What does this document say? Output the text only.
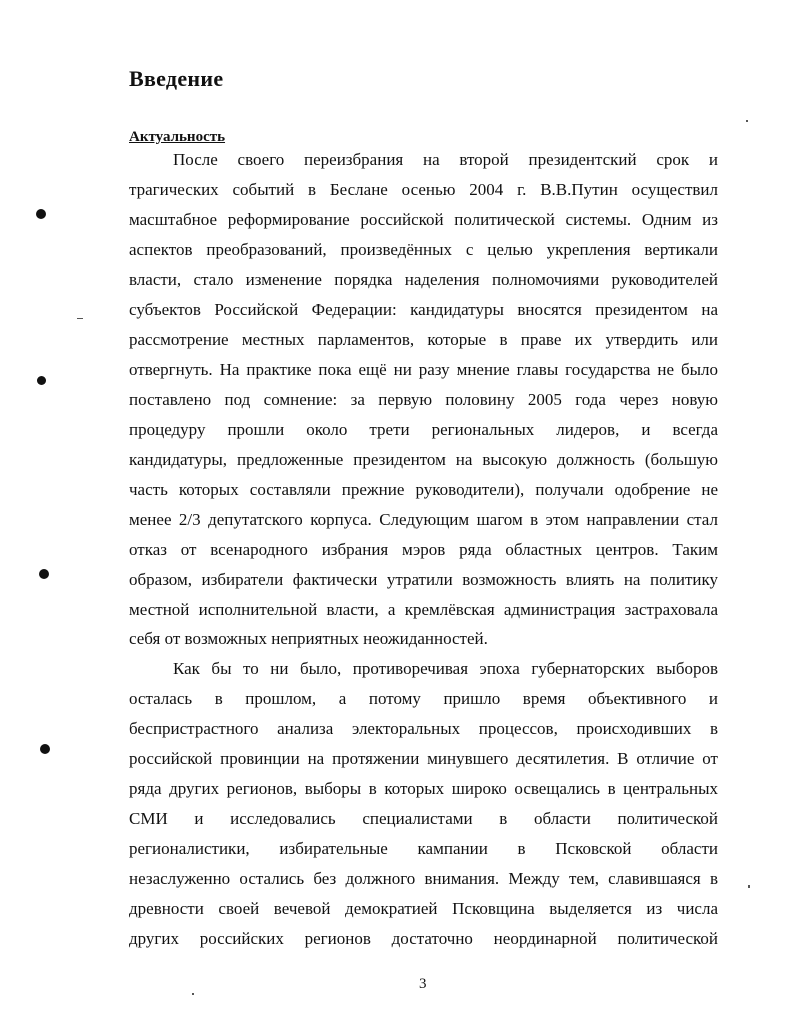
Введение
Актуальность
После своего переизбрания на второй президентский срок и
трагических событий в Беслане осенью 2004 г. В.В.Путин осуществил
масштабное реформирование российской политической системы. Одним из
аспектов преобразований, произведённых с целью укрепления вертикали
власти, стало изменение порядка наделения полномочиями руководителей
субъектов Российской Федерации: кандидатуры вносятся президентом на
рассмотрение местных парламентов, которые в праве их утвердить или
отвергнуть. На практике пока ещё ни разу мнение главы государства не было
поставлено под сомнение: за первую половину 2005 года через новую
процедуру прошли около трети региональных лидеров, и всегда
кандидатуры, предложенные президентом на высокую должность (большую
часть которых составляли прежние руководители), получали одобрение не
менее 2/3 депутатского корпуса. Следующим шагом в этом направлении стал
отказ от всенародного избрания мэров ряда областных центров. Таким
образом, избиратели фактически утратили возможность влиять на политику
местной исполнительной власти, а кремлёвская администрация застраховала
себя от возможных неприятных неожиданностей.
Как бы то ни было, противоречивая эпоха губернаторских выборов
осталась в прошлом, а потому пришло время объективного и
беспристрастного анализа электоральных процессов, происходивших в
российской провинции на протяжении минувшего десятилетия. В отличие от
ряда других регионов, выборы в которых широко освещались в центральных
СМИ и исследовались специалистами в области политической
регионалистики, избирательные кампании в Псковской области
незаслуженно остались без должного внимания. Между тем, славившаяся в
древности своей вечевой демократией Псковщина выделяется из числа
других российских регионов достаточно неординарной политической
3
